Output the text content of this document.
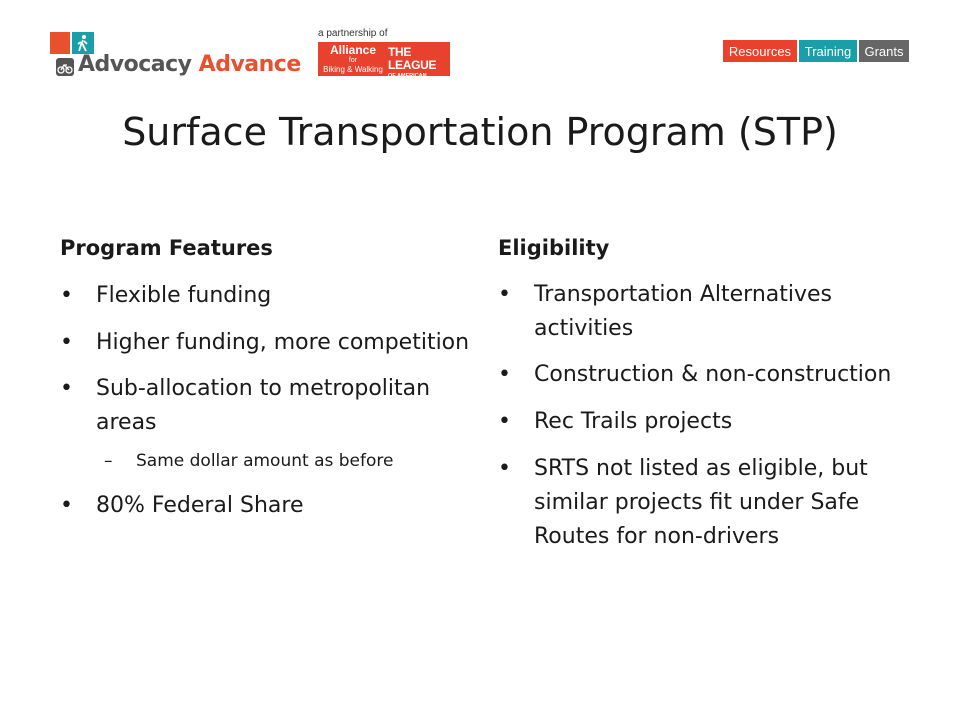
Advocacy Advance
a partnership of
Alliance
for
Biking & Walking
THE LEAGUE
OF AMERICAN BICYCLISTS
Resources	Training	Grants
Surface Transportation Program (STP)
Program Features
• Flexible funding
• Higher funding, more competition
• Sub-allocation to metropolitan areas
– Same dollar amount as before
• 80% Federal Share
Eligibility
• Transportation Alternatives activities
• Construction & non-construction
• Rec Trails projects
• SRTS not listed as eligible, but similar projects fit under Safe Routes for non-drivers
